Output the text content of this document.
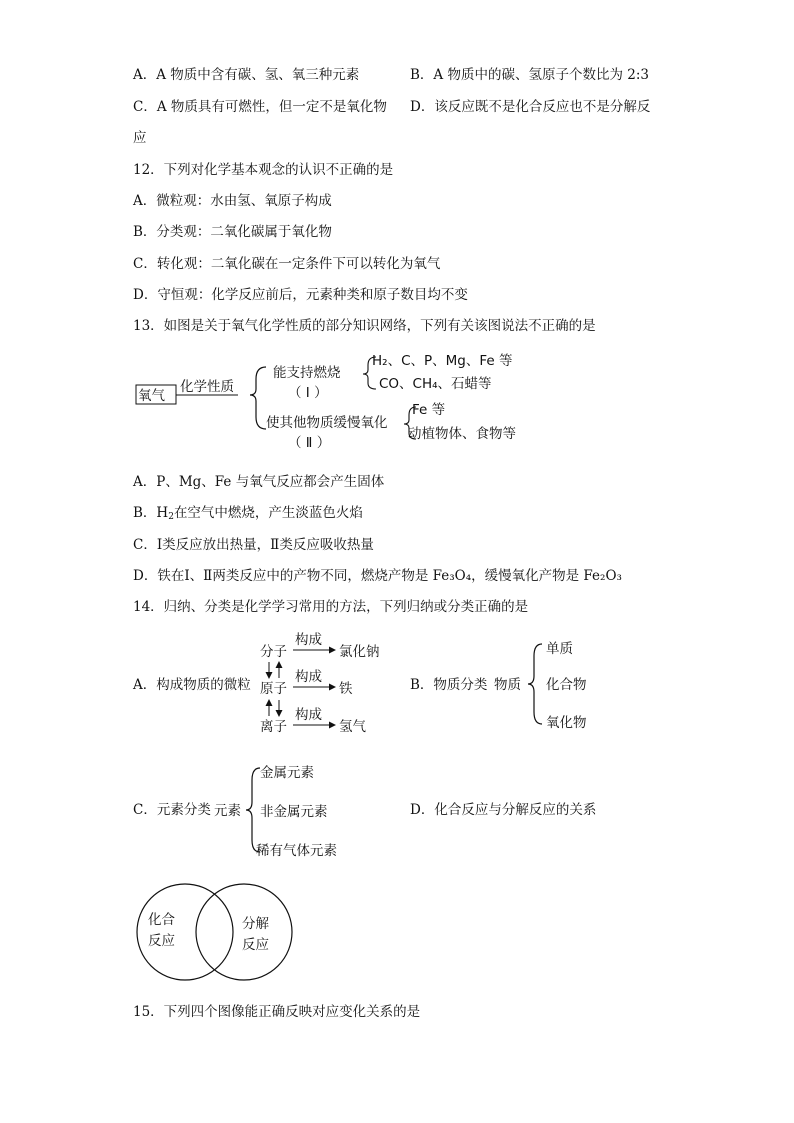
A．A 物质中含有碳、氢、氧三种元素	B．A 物质中的碳、氢原子个数比为 2:3
C．A 物质具有可燃性，但一定不是氧化物 D．该反应既不是化合反应也不是分解反
应
12．下列对化学基本观念的认识不正确的是
A．微粒观：水由氢、氧原子构成
B．分类观：二氧化碳属于氧化物
C．转化观：二氧化碳在一定条件下可以转化为氧气
D．守恒观：化学反应前后，元素种类和原子数目均不变
13．如图是关于氧气化学性质的部分知识网络，下列有关该图说法不正确的是
氧气
化学性质
能支持燃烧
（ Ⅰ ）
H₂、C、P、Mg、Fe 等
CO、CH₄、石蜡等
使其他物质缓慢氧化
（ Ⅱ ）
Fe 等
动植物体、食物等
A．P、Mg、Fe 与氧气反应都会产生固体
B．$H_2$在空气中燃烧，产生淡蓝色火焰
C．Ⅰ类反应放出热量，Ⅱ类反应吸收热量
D．铁在Ⅰ、Ⅱ两类反应中的产物不同，燃烧产物是 Fe₃O₄，缓慢氧化产物是 Fe₂O₃
14．归纳、分类是化学学习常用的方法，下列归纳或分类正确的是
A．构成物质的微粒
分子
原子
离子
构成
氯化钠
构成
铁
构成
氢气
B．物质分类 物质
单质
化合物
氧化物
C．元素分类 元素
金属元素
非金属元素
稀有气体元素
D．化合反应与分解反应的关系
化合
反应
分解
反应
15．下列四个图像能正确反映对应变化关系的是
